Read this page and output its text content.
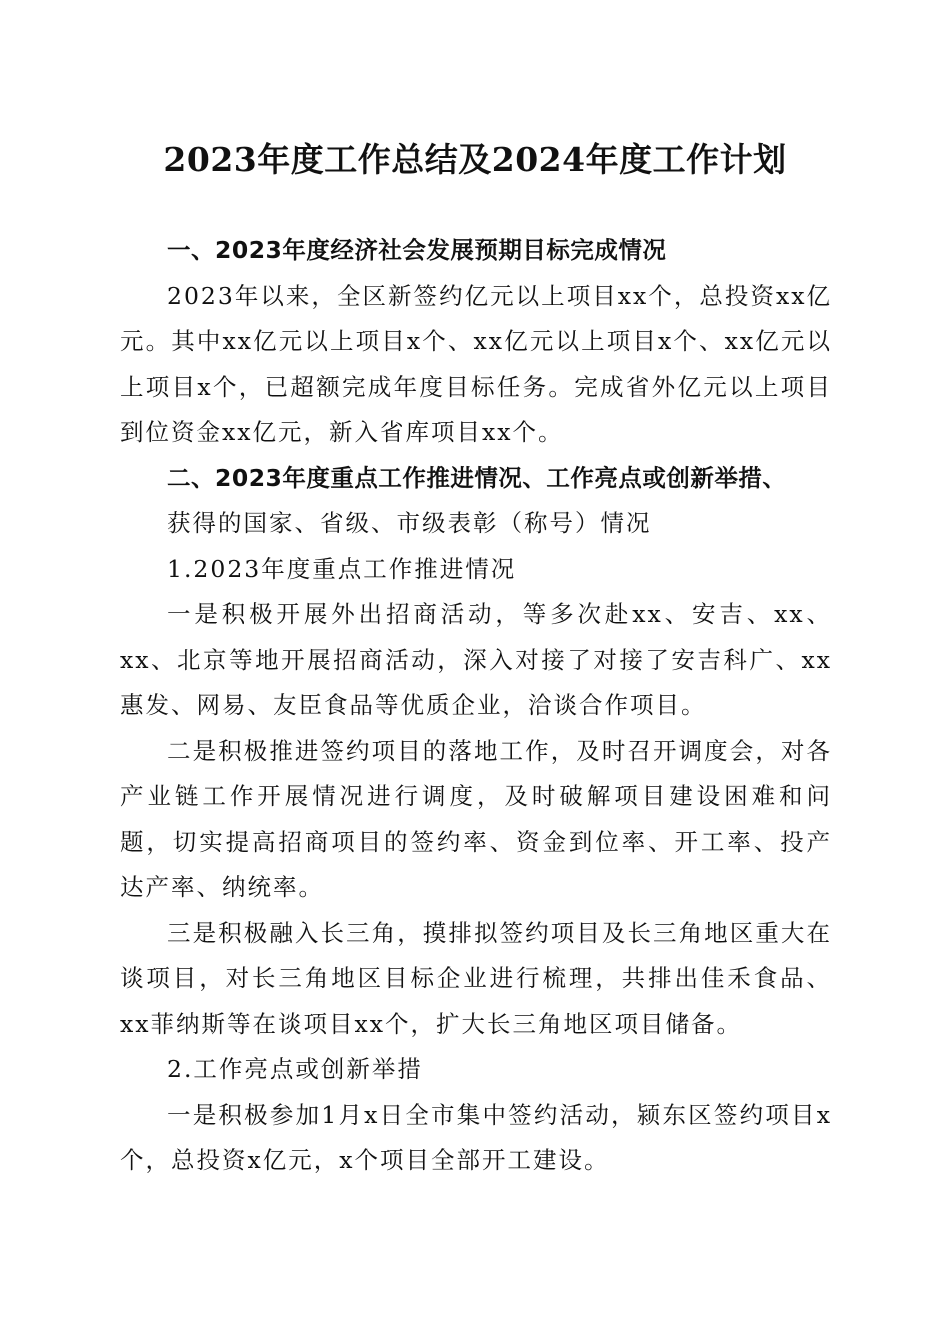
2023年度工作总结及2024年度工作计划

一、2023年度经济社会发展预期目标完成情况

2023年以来，全区新签约亿元以上项目xx个，总投资xx亿元。其中xx亿元以上项目x个、xx亿元以上项目x个、xx亿元以上项目x个，已超额完成年度目标任务。完成省外亿元以上项目到位资金xx亿元，新入省库项目xx个。

二、2023年度重点工作推进情况、工作亮点或创新举措、

获得的国家、省级、市级表彰（称号）情况

1.2023年度重点工作推进情况

一是积极开展外出招商活动，等多次赴xx、安吉、xx、xx、北京等地开展招商活动，深入对接了对接了安吉科广、xx惠发、网易、友臣食品等优质企业，洽谈合作项目。

二是积极推进签约项目的落地工作，及时召开调度会，对各产业链工作开展情况进行调度，及时破解项目建设困难和问题，切实提高招商项目的签约率、资金到位率、开工率、投产达产率、纳统率。

三是积极融入长三角，摸排拟签约项目及长三角地区重大在谈项目，对长三角地区目标企业进行梳理，共排出佳禾食品、xx菲纳斯等在谈项目xx个，扩大长三角地区项目储备。

2.工作亮点或创新举措

一是积极参加1月x日全市集中签约活动，颍东区签约项目x个，总投资x亿元，x个项目全部开工建设。
